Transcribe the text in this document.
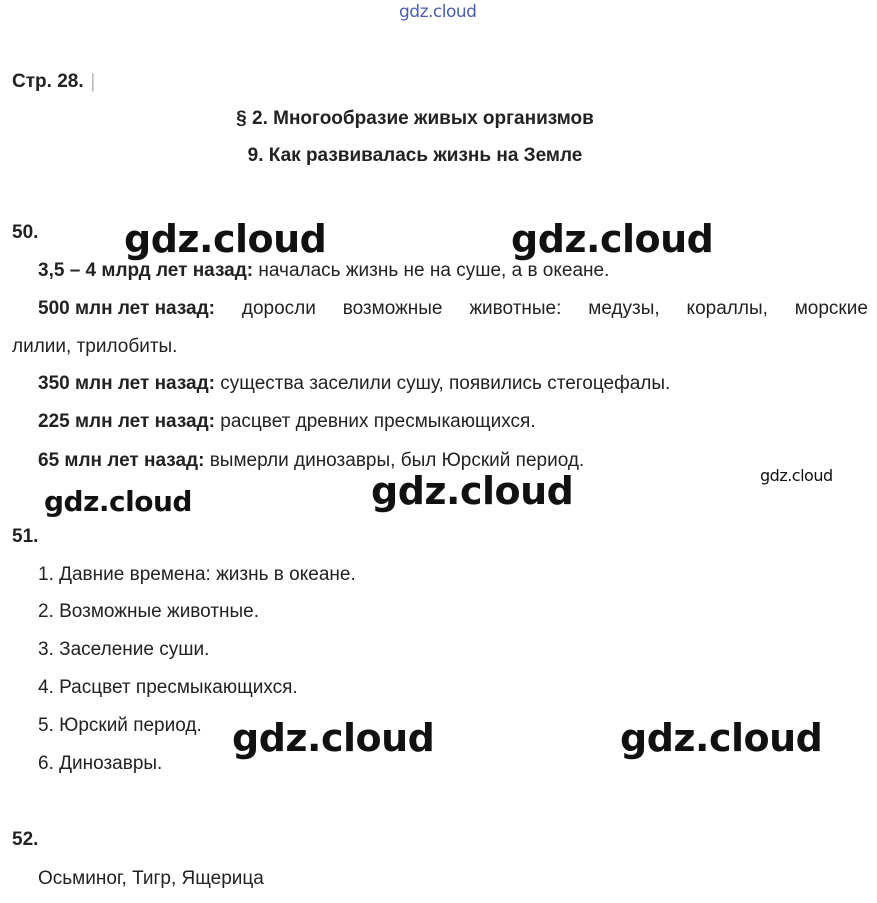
gdz.cloud
Стр. 28. │
§ 2. Многообразие живых организмов
9. Как развивалась жизнь на Земле
50.
3,5 – 4 млрд лет назад: началась жизнь не на суше, а в океане.
500 млн лет назад: доросли возможные животные: медузы, кораллы, морские
лилии, трилобиты.
350 млн лет назад: существа заселили сушу, появились стегоцефалы.
225 млн лет назад: расцвет древних пресмыкающихся.
65 млн лет назад: вымерли динозавры, был Юрский период.
51.
1. Давние времена: жизнь в океане.
2. Возможные животные.
3. Заселение суши.
4. Расцвет пресмыкающихся.
5. Юрский период.
6. Динозавры.
52.
Осьминог, Тигр, Ящерица
gdz.cloud	gdz.cloud
gdz.cloud	gdz.cloud	gdz.cloud
gdz.cloud	gdz.cloud
